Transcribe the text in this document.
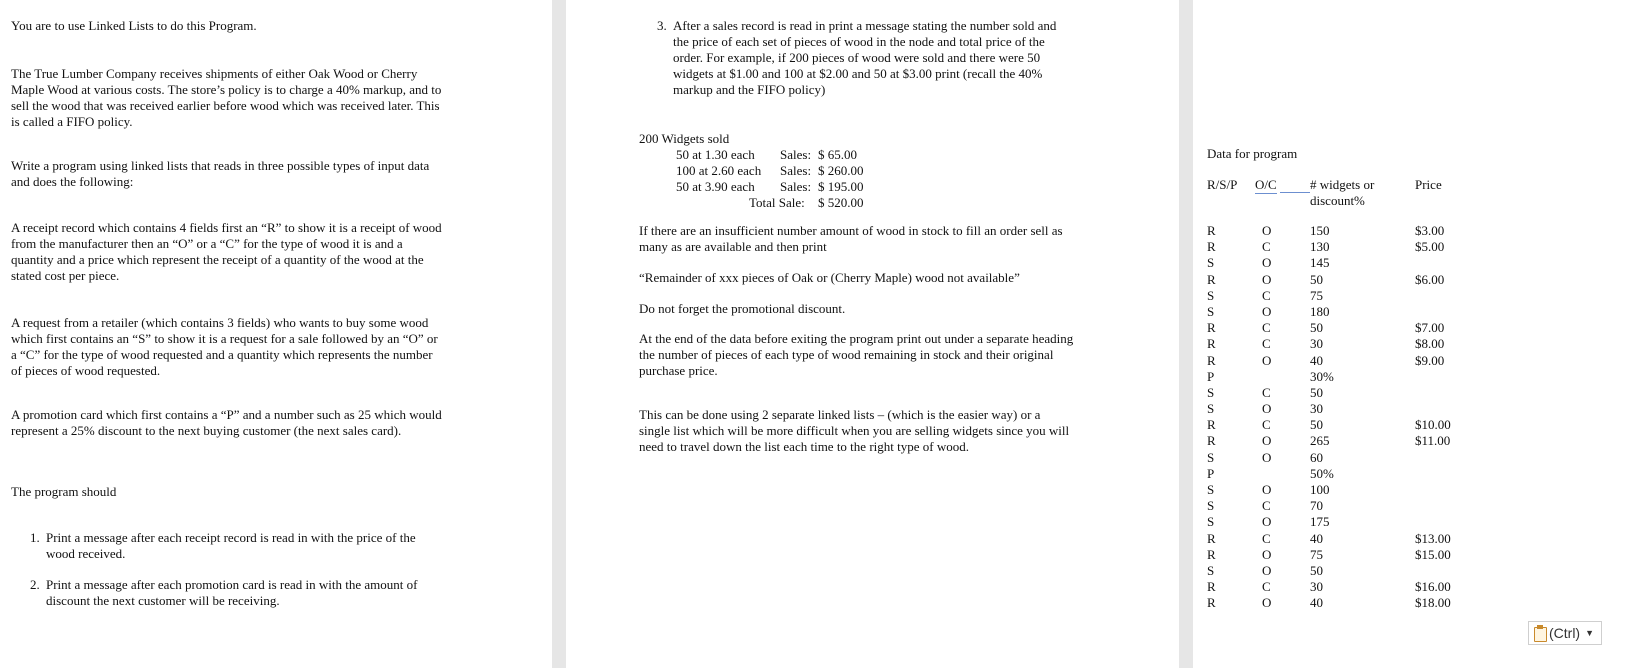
You are to use Linked Lists to do this Program.

The True Lumber Company receives shipments of either Oak Wood or Cherry

Maple Wood at various costs. The store’s policy is to charge a 40% markup, and to

sell the wood that was received earlier before wood which was received later. This

is called a FIFO policy.

Write a program using linked lists that reads in three possible types of input data

and does the following:

A receipt record which contains 4 fields first an “R” to show it is a receipt of wood

from the manufacturer then an “O” or a “C” for the type of wood it is and a

quantity and a price which represent the receipt of a quantity of the wood at the

stated cost per piece.

A request from a retailer (which contains 3 fields) who wants to buy some wood

which first contains an “S” to show it is a request for a sale followed by an “O” or

a “C” for the type of wood requested and a quantity which represents the number

of pieces of wood requested.

A promotion card which first contains a “P” and a number such as 25 which would

represent a 25% discount to the next buying customer (the next sales card).

The program should

1. Print a message after each receipt record is read in with the price of the

wood received.

2. Print a message after each promotion card is read in with the amount of

discount the next customer will be receiving.

3. After a sales record is read in print a message stating the number sold and

the price of each set of pieces of wood in the node and total price of the

order. For example, if 200 pieces of wood were sold and there were 50

widgets at $1.00 and 100 at $2.00 and 50 at $3.00 print (recall the 40%

markup and the FIFO policy)

200 Widgets sold

50 at 1.30 each Sales: $ 65.00
100 at 2.60 each Sales: $ 260.00
50 at 3.90 each Sales: $ 195.00
Total Sale: $ 520.00

If there are an insufficient number amount of wood in stock to fill an order sell as

many as are available and then print

“Remainder of xxx pieces of Oak or (Cherry Maple) wood not available”

Do not forget the promotional discount.

At the end of the data before exiting the program print out under a separate heading

the number of pieces of each type of wood remaining in stock and their original

purchase price.

This can be done using 2 separate linked lists – (which is the easier way) or a

single list which will be more difficult when you are selling widgets since you will

need to travel down the list each time to the right type of wood.

Data for program

R/S/P O/C	# widgets or
discount%
Price
R
R
S
R
S
S
R
R
R
P
S
S
R
R
S
P
S
S
S
R
R
S
R
R
O
C
O
O
C
O
C
C
O
C
O
C
O
O
O
C
O
C
O
O
C
O
150
130
145
50
75
180
50
30
40
30%
50
30
50
265
60
50%
100
70
175
40
75
50
30
40
$3.00
$5.00
$6.00
$7.00
$8.00
$9.00
$10.00
$11.00
$13.00
$15.00
$16.00
$18.00
(Ctrl) ▼
